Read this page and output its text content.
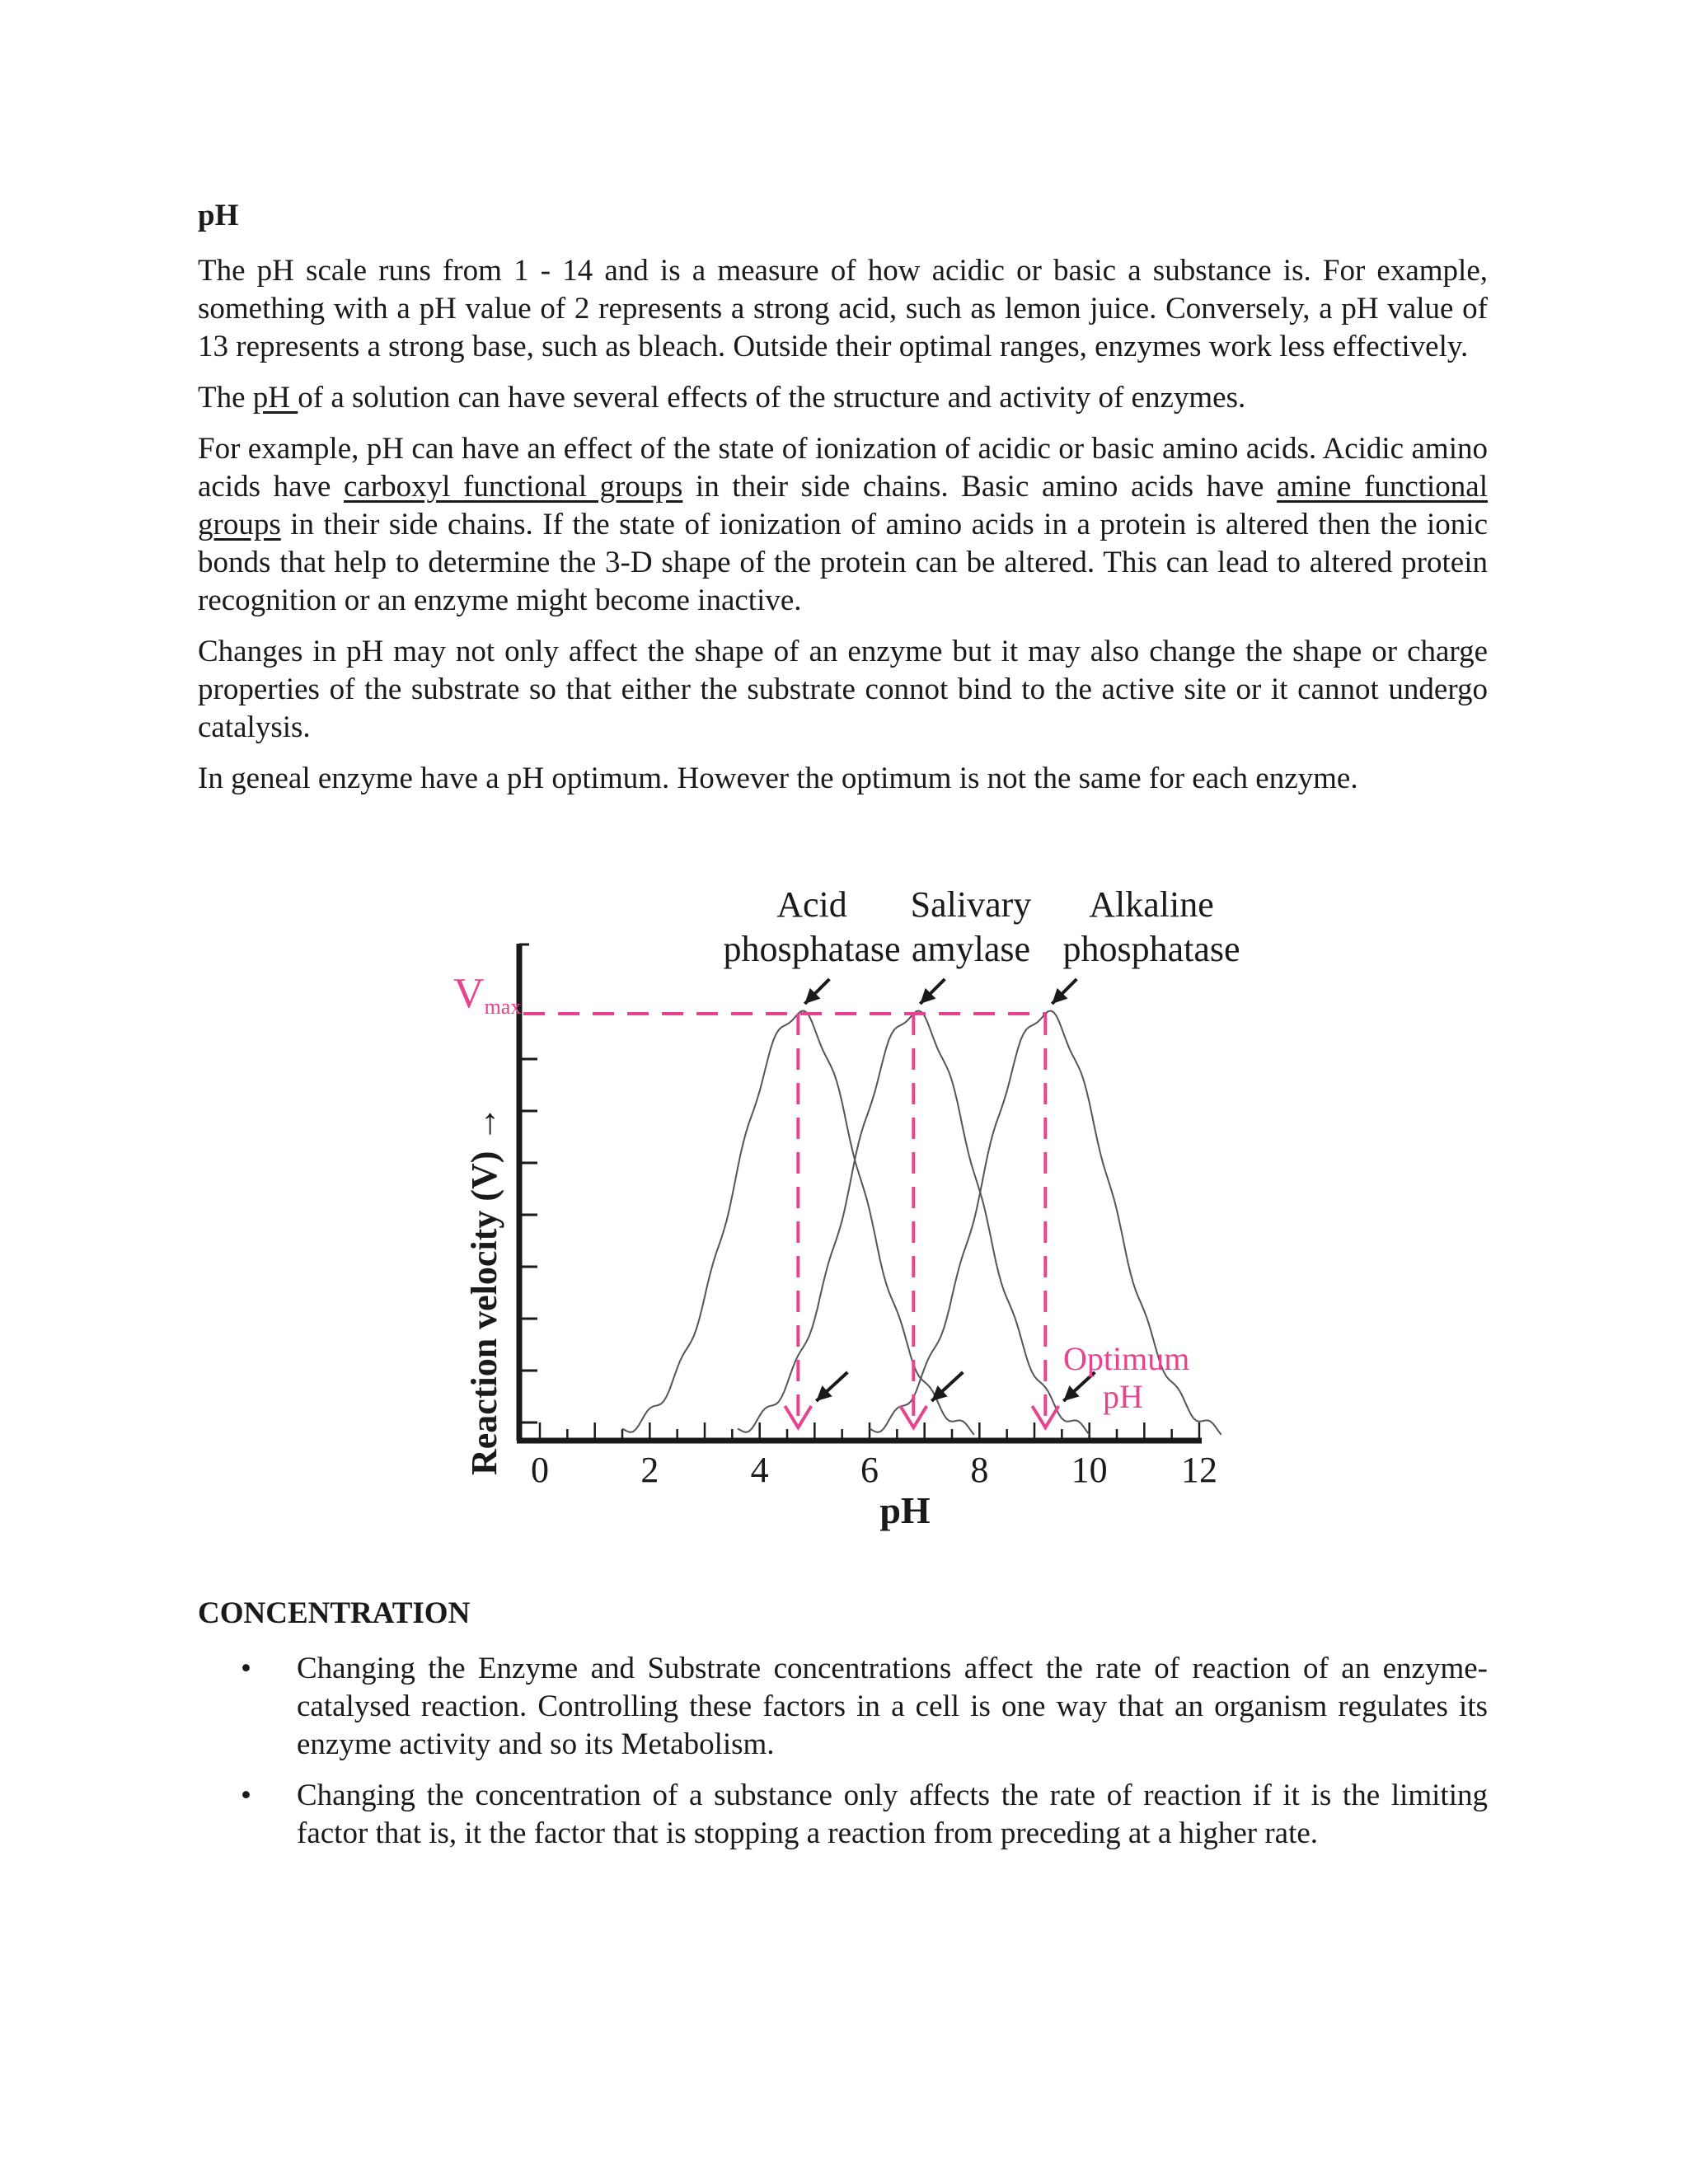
pH

The pH scale runs from 1 - 14 and is a measure of how acidic or basic a substance is. For example, something with a pH value of 2 represents a strong acid, such as lemon juice. Conversely, a pH value of 13 represents a strong base, such as bleach. Outside their optimal ranges, enzymes work less effectively.

The pH of a solution can have several effects of the structure and activity of enzymes.

For example, pH can have an effect of the state of ionization of acidic or basic amino acids. Acidic amino acids have carboxyl functional groups in their side chains. Basic amino acids have amine functional groups in their side chains. If the state of ionization of amino acids in a protein is altered then the ionic bonds that help to determine the 3-D shape of the protein can be altered. This can lead to altered protein recognition or an enzyme might become inactive.

Changes in pH may not only affect the shape of an enzyme but it may also change the shape or charge properties of the substrate so that either the substrate connot bind to the active site or it cannot undergo catalysis.

In geneal enzyme have a pH optimum. However the optimum is not the same for each enzyme.

Acid phosphatase
Salivary amylase
Alkaline phosphatase
0	2	4	6	8 10 12
Vmax
Reaction velocity (V) →
pH
Optimum pH
CONCENTRATION
• Changing the Enzyme and Substrate concentrations affect the rate of reaction of an enzyme-catalysed reaction. Controlling these factors in a cell is one way that an organism regulates its enzyme activity and so its Metabolism.
• Changing the concentration of a substance only affects the rate of reaction if it is the limiting factor that is, it the factor that is stopping a reaction from preceding at a higher rate.
